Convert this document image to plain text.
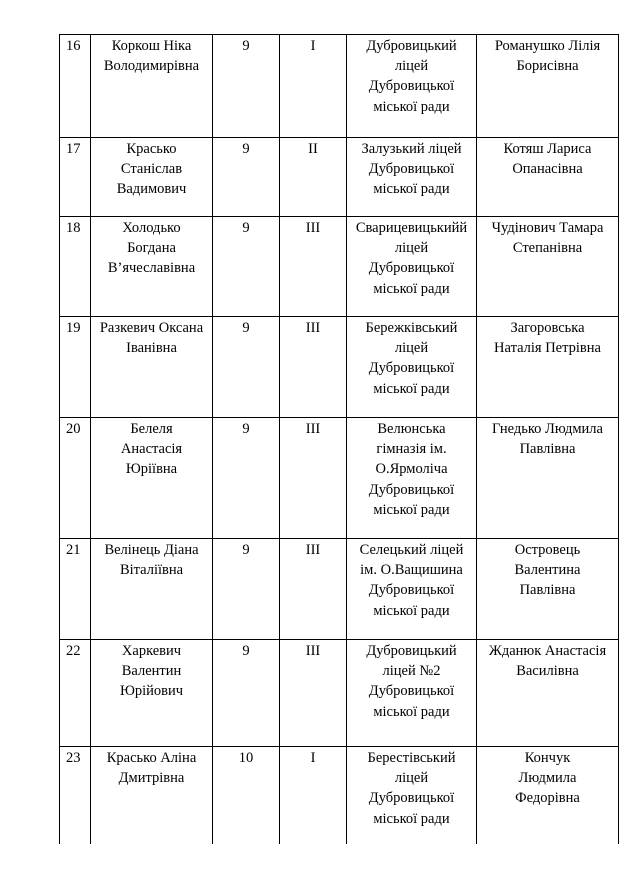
16	Коркош Ніка
Володимирівна	9	I	Дубровицький
ліцей
Дубровицької
міської ради	Романушко Лілія
Борисівна

17	Красько
Станіслав
Вадимович	9	II	Залузький ліцей
Дубровицької
міської ради	Котяш Лариса
Опанасівна

18	Холодько
Богдана
В’ячеславівна	9	III	Сварицевицькийй
ліцей
Дубровицької
міської ради	Чудінович Тамара
Степанівна

19	Разкевич Оксана
Іванівна	9	III	Бережківський
ліцей
Дубровицької
міської ради	Загоровська
Наталія Петрівна

20	Белеля
Анастасія
Юріївна	9	III	Велюнська
гімназія ім.
О.Ярмоліча
Дубровицької
міської ради	Гнедько Людмила
Павлівна

21	Велінець Діана
Віталіївна	9	III	Селецький ліцей
ім. О.Ващишина
Дубровицької
міської ради	Островець
Валентина
Павлівна

22	Харкевич
Валентин
Юрійович	9	III	Дубровицький
ліцей №2
Дубровицької
міської ради	Жданюк Анастасія
Василівна

23	Красько Аліна
Дмитрівна	10	I	Берестівський
ліцей
Дубровицької
міської ради	Кончук
Людмила
Федорівна
